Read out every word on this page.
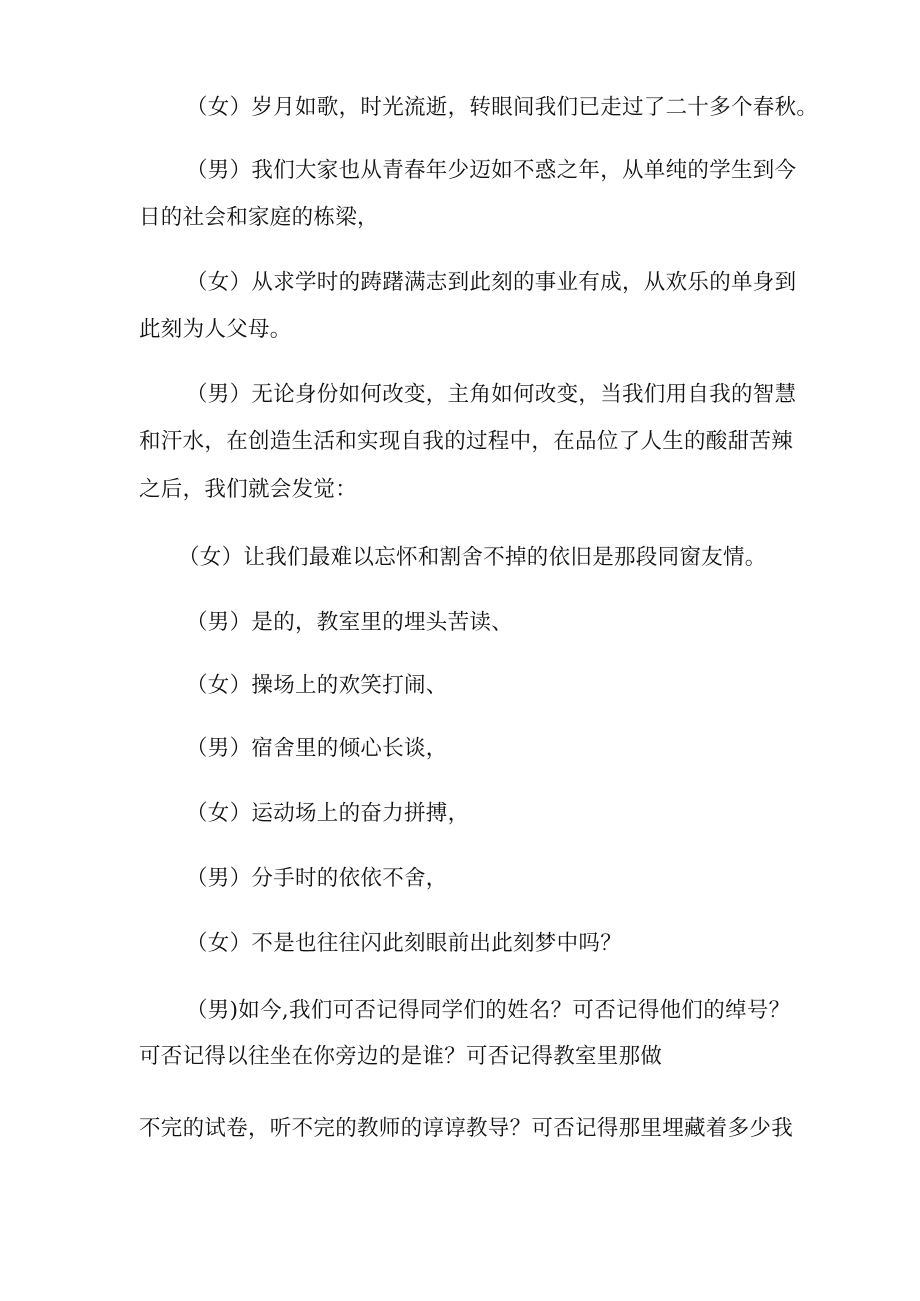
（女）岁月如歌，时光流逝，转眼间我们已走过了二十多个春秋。
（男）我们大家也从青春年少迈如不惑之年，从单纯的学生到今
日的社会和家庭的栋梁，
（女）从求学时的踌躇满志到此刻的事业有成，从欢乐的单身到
此刻为人父母。
（男）无论身份如何改变，主角如何改变，当我们用自我的智慧
和汗水，在创造生活和实现自我的过程中，在品位了人生的酸甜苦辣
之后，我们就会发觉：
（女）让我们最难以忘怀和割舍不掉的依旧是那段同窗友情。
（男）是的，教室里的埋头苦读、
（女）操场上的欢笑打闹、
（男）宿舍里的倾心长谈，
（女）运动场上的奋力拼搏，
（男）分手时的依依不舍，
（女）不是也往往闪此刻眼前出此刻梦中吗？
（男)如今,我们可否记得同学们的姓名？可否记得他们的绰号？
可否记得以往坐在你旁边的是谁？可否记得教室里那做
不完的试卷，听不完的教师的谆谆教导？可否记得那里埋藏着多少我
